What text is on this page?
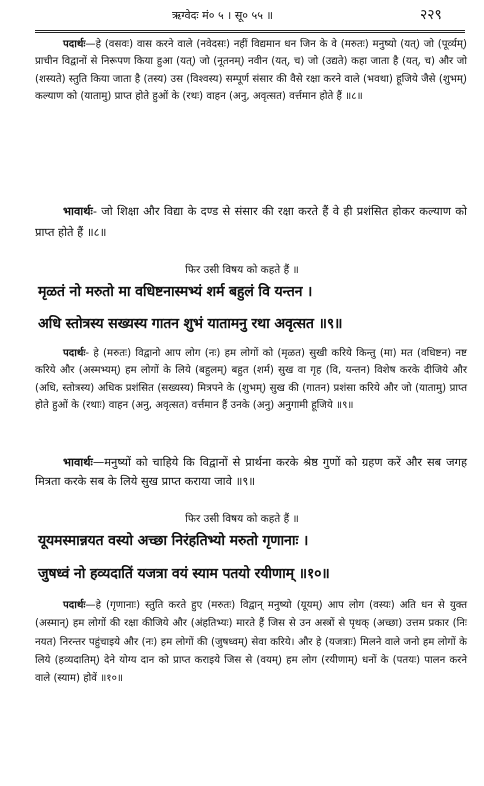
ऋग्वेदः मं० ५ । सू० ५५ ॥	२२९
पदार्थः—हे (वसवः) वास करने वाले (नवेदसः) नहीं विद्यमान धन जिन के वे (मरुतः) मनुष्यो (यत्) जो (पूर्व्यम्) प्राचीन विद्वानों से निरूपण किया हुआ (यत्) जो (नूतनम्) नवीन (यत्, च) जो (उद्यते) कहा जाता है (यत्, च) और जो (शस्यते) स्तुति किया जाता है (तस्य) उस (विश्वस्य) सम्पूर्ण संसार की वैसे रक्षा करने वाले (भवथा) हूजिये जैसे (शुभम्) कल्याण को (यातामु) प्राप्त होते हुओं के (रथः) वाहन (अनु, अवृत्सत) वर्त्तमान होते हैं ॥८॥
भावार्थः- जो शिक्षा और विद्या के दण्ड से संसार की रक्षा करते हैं वे ही प्रशंसित होकर कल्याण को प्राप्त होते हैं ॥८॥
फिर उसी विषय को कहते हैं ॥
मृळतं नो मरुतो मा वधिष्टनास्मभ्यं शर्म बहुलं वि यन्तन ।
अधि स्तोत्रस्य सख्यस्य गातन शुभं यातामनु रथा अवृत्सत ॥९॥
पदार्थः- हे (मरुतः) विद्वानो आप लोग (नः) हम लोगों को (मृळत) सुखी करिये किन्तु (मा) मत (वधिष्टन) नष्ट करिये और (अस्मभ्यम्) हम लोगों के लिये (बहुलम्) बहुत (शर्म) सुख वा गृह (वि, यन्तन) विशेष करके दीजिये और (अधि, स्तोत्रस्य) अधिक प्रशंसित (सख्यस्य) मित्रपने के (शुभम्) सुख की (गातन) प्रशंसा करिये और जो (यातामु) प्राप्त होते हुओं के (रथाः) वाहन (अनु, अवृत्सत) वर्त्तमान हैं उनके (अनु) अनुगामी हूजिये ॥९॥
भावार्थः—मनुष्यों को चाहिये कि विद्वानों से प्रार्थना करके श्रेष्ठ गुणों को ग्रहण करें और सब जगह मित्रता करके सब के लिये सुख प्राप्त कराया जावे ॥९॥
फिर उसी विषय को कहते हैं ॥
यूयमस्मान्नयत वस्यो अच्छा निरंहतिभ्यो मरुतो गृणानाः ।
जुषध्वं नो हव्यदातिं यजत्रा वयं स्याम पतयो रयीणाम् ॥१०॥
पदार्थः—हे (गृणानाः) स्तुति करते हुए (मरुतः) विद्वान् मनुष्यो (यूयम्) आप लोग (वस्यः) अति धन से युक्त (अस्मान्) हम लोगों की रक्षा कीजिये और (अंहतिभ्यः) मारते हैं जिस से उन अस्त्रों से पृथक् (अच्छा) उत्तम प्रकार (निः नयत) निरन्तर पहुंचाइये और (नः) हम लोगों की (जुषध्वम्) सेवा करिये। और हे (यजत्राः) मिलने वाले जनो हम लोगों के लिये (हव्यदातिम्) देने योग्य दान को प्राप्त कराइये जिस से (वयम्) हम लोग (रयीणाम्) धनों के (पतयः) पालन करने वाले (स्याम) होवें ॥१०॥
